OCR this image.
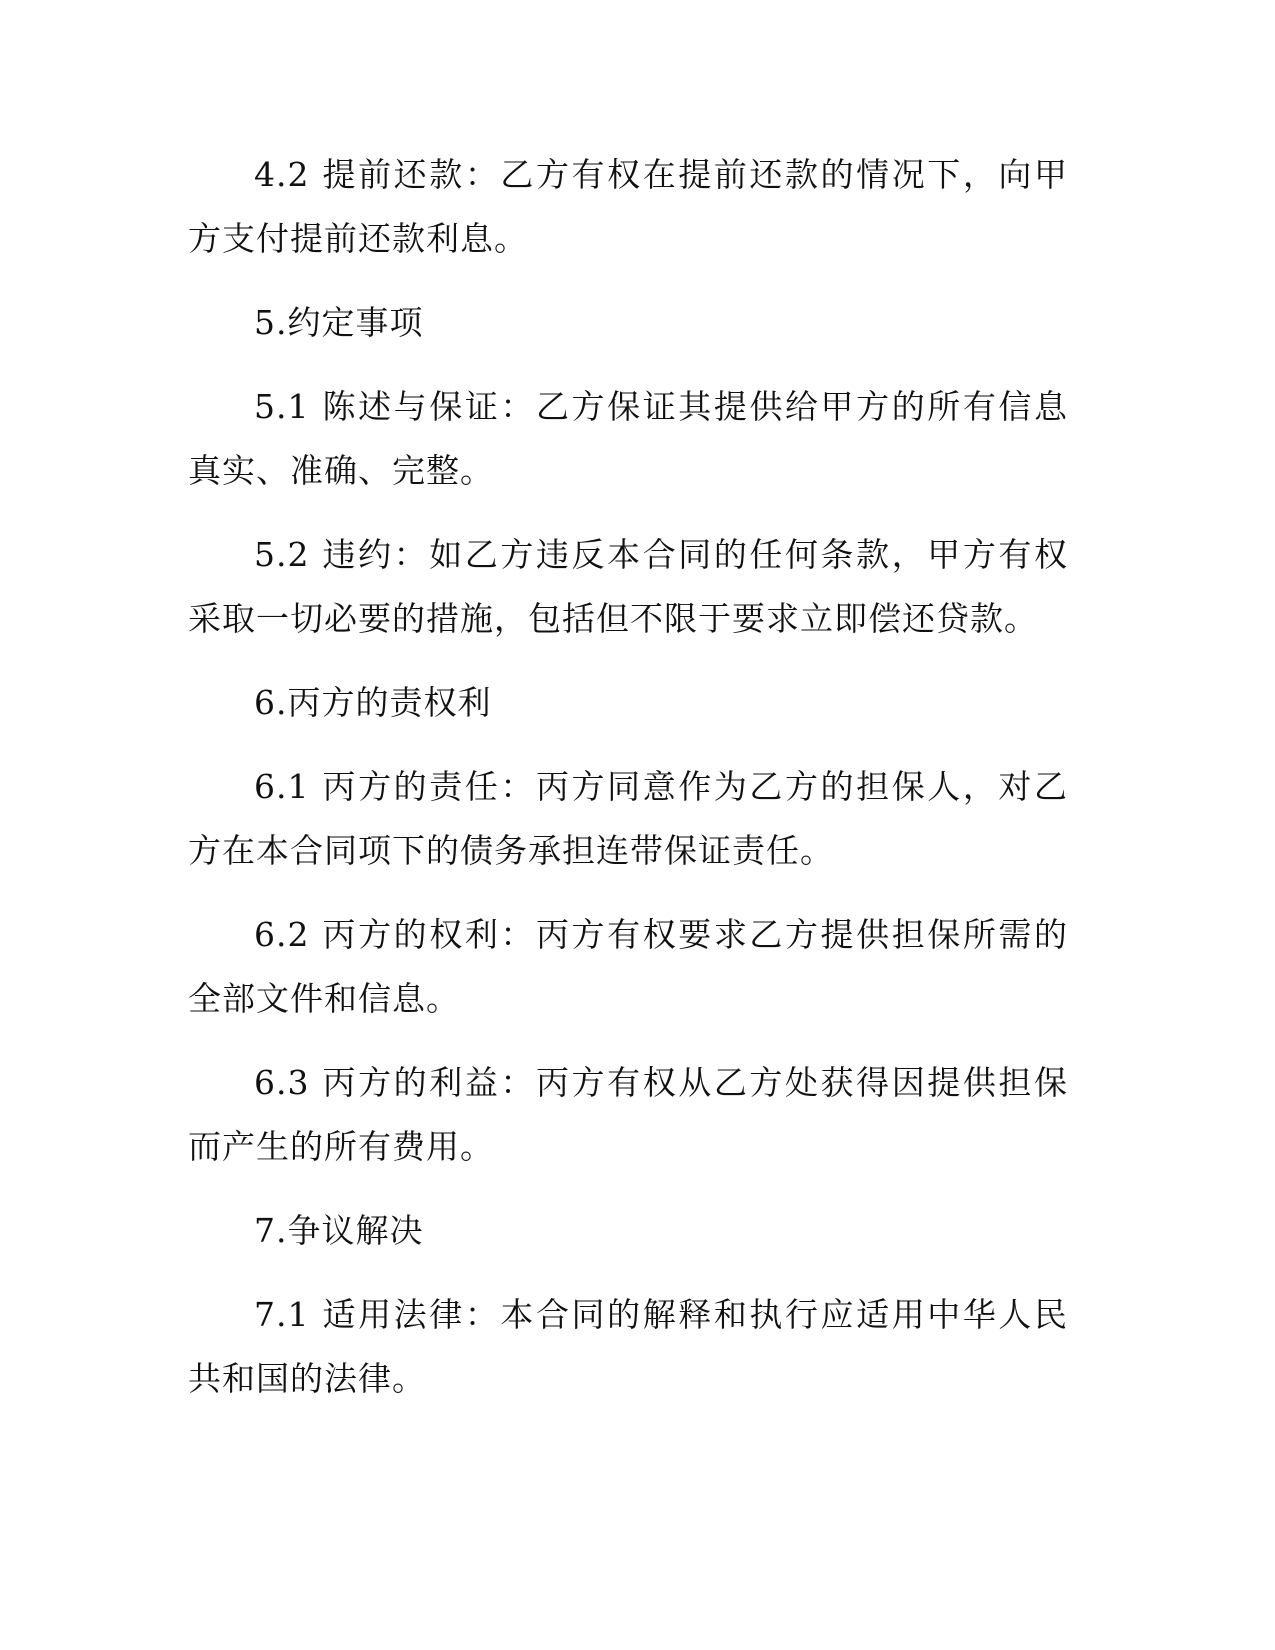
4.2 提前还款：乙方有权在提前还款的情况下，向甲方支付提前还款利息。

5.约定事项

5.1 陈述与保证：乙方保证其提供给甲方的所有信息真实、准确、完整。

5.2 违约：如乙方违反本合同的任何条款，甲方有权采取一切必要的措施，包括但不限于要求立即偿还贷款。

6.丙方的责权利

6.1 丙方的责任：丙方同意作为乙方的担保人，对乙方在本合同项下的债务承担连带保证责任。

6.2 丙方的权利：丙方有权要求乙方提供担保所需的全部文件和信息。

6.3 丙方的利益：丙方有权从乙方处获得因提供担保而产生的所有费用。

7.争议解决

7.1 适用法律：本合同的解释和执行应适用中华人民共和国的法律。
